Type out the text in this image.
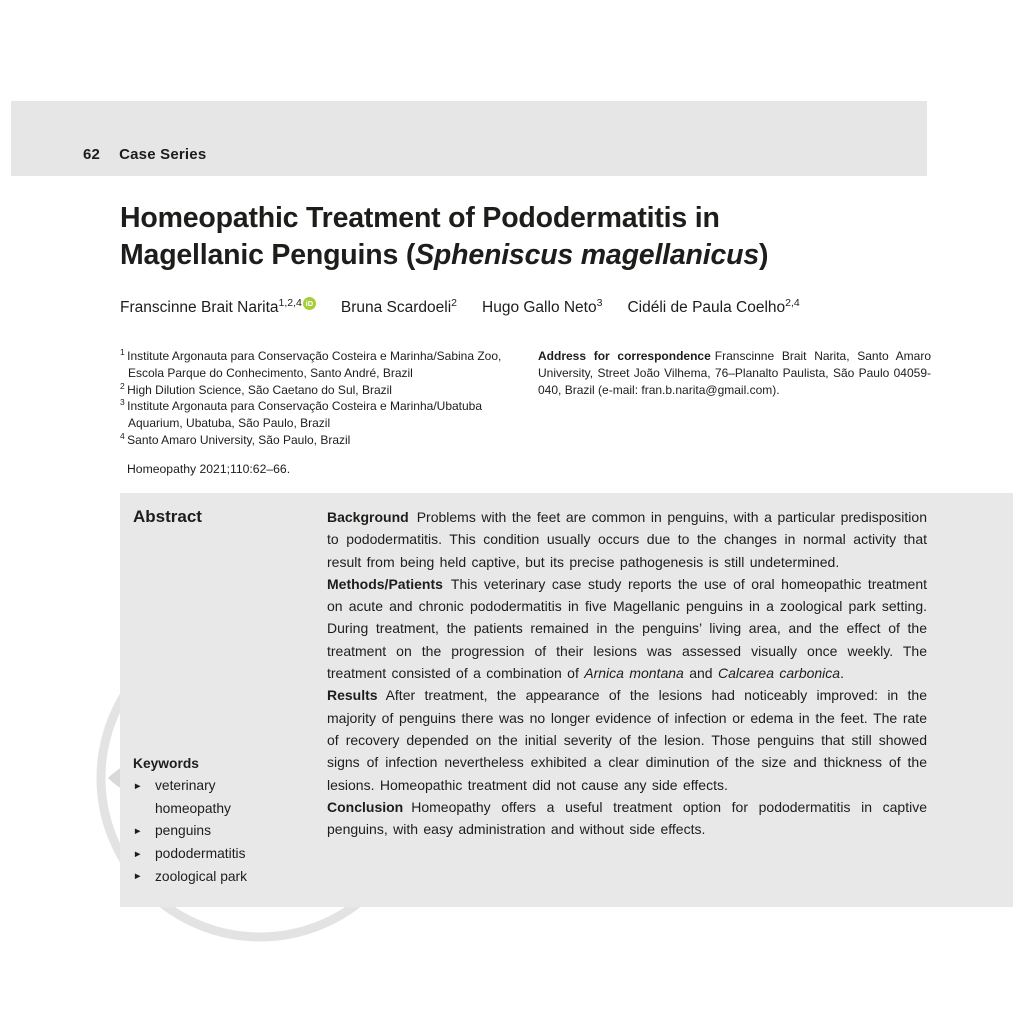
62 Case Series
Homeopathic Treatment of Pododermatitis in
Magellanic Penguins (Spheniscus magellanicus)
Franscinne Brait Narita$^{1,2,4}$ iD Bruna Scardoeli$^2$ Hugo Gallo Neto$^3$ Cidéli de Paula Coelho$^{2,4}$
$^1$ Institute Argonauta para Conservação Costeira e Marinha/Sabina Zoo, Escola Parque do Conhecimento, Santo André, Brazil
$^2$ High Dilution Science, São Caetano do Sul, Brazil
$^3$ Institute Argonauta para Conservação Costeira e Marinha/Ubatuba Aquarium, Ubatuba, São Paulo, Brazil
$^4$ Santo Amaro University, São Paulo, Brazil
Address for correspondence Franscinne Brait Narita, Santo Amaro University, Street João Vilhema, 76–Planalto Paulista, São Paulo 04059-040, Brazil (e-mail: fran.b.narita@gmail.com).
Homeopathy 2021;110:62–66.
Abstract	Background Problems with the feet are common in penguins, with a particular predisposition to pododermatitis. This condition usually occurs due to the changes in normal activity that result from being held captive, but its precise pathogenesis is still undetermined.
Methods/Patients This veterinary case study reports the use of oral homeopathic treatment on acute and chronic pododermatitis in five Magellanic penguins in a zoological park setting. During treatment, the patients remained in the penguins’ living area, and the effect of the treatment on the progression of their lesions was assessed visually once weekly. The treatment consisted of a combination of Arnica montana and Calcarea carbonica.
Results After treatment, the appearance of the lesions had noticeably improved: in the majority of penguins there was no longer evidence of infection or edema in the feet. The rate of recovery depended on the initial severity of the lesion. Those penguins that still showed signs of infection nevertheless exhibited a clear diminution of the size and thickness of the lesions. Homeopathic treatment did not cause any side effects.
Conclusion Homeopathy offers a useful treatment option for pododermatitis in captive penguins, with easy administration and without side effects.
Keywords
► veterinary homeopathy
► penguins
► pododermatitis
► zoological park
